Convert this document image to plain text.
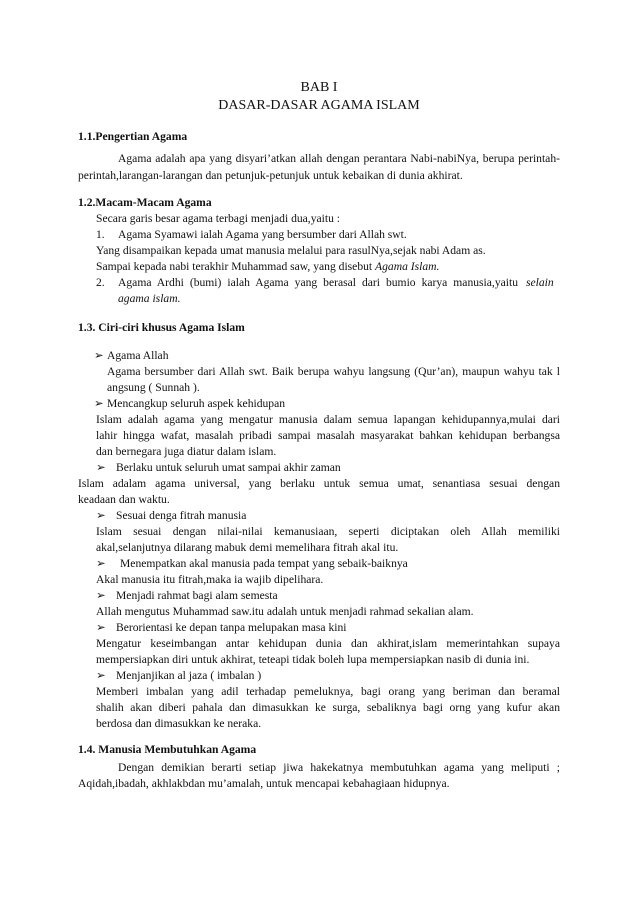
BAB I
DASAR-DASAR AGAMA ISLAM
1.1.Pengertian Agama
Agama adalah apa yang disyari’atkan allah dengan perantara Nabi-nabiNya, berupa perintah-
perintah,larangan-larangan dan petunjuk-petunjuk untuk kebaikan di dunia akhirat.
1.2.Macam-Macam Agama
Secara garis besar agama terbagi menjadi dua,yaitu :
1. Agama Syamawi ialah Agama yang bersumber dari Allah swt.
Yang disampaikan kepada umat manusia melalui para rasulNya,sejak nabi Adam as.
Sampai kepada nabi terakhir Muhammad saw, yang disebut Agama Islam.
2. Agama Ardhi (bumi) ialah Agama yang berasal dari bumio karya manusia,yaitu selain
agama islam.
1.3. Ciri-ciri khusus Agama Islam
➢ Agama Allah
Agama bersumber dari Allah swt. Baik berupa wahyu langsung (Qur’an), maupun wahyu tak l
angsung ( Sunnah ).
➢ Mencangkup seluruh aspek kehidupan
Islam adalah agama yang mengatur manusia dalam semua lapangan kehidupannya,mulai dari
lahir hingga wafat, masalah pribadi sampai masalah masyarakat bahkan kehidupan berbangsa
dan bernegara juga diatur dalam islam.
➢ Berlaku untuk seluruh umat sampai akhir zaman
Islam adalam agama universal, yang berlaku untuk semua umat, senantiasa sesuai dengan
keadaan dan waktu.
➢ Sesuai denga fitrah manusia
Islam sesuai dengan nilai-nilai kemanusiaan, seperti diciptakan oleh Allah memiliki
akal,selanjutnya dilarang mabuk demi memelihara fitrah akal itu.
➢ Menempatkan akal manusia pada tempat yang sebaik-baiknya
Akal manusia itu fitrah,maka ia wajib dipelihara.
➢ Menjadi rahmat bagi alam semesta
Allah mengutus Muhammad saw.itu adalah untuk menjadi rahmad sekalian alam.
➢ Berorientasi ke depan tanpa melupakan masa kini
Mengatur keseimbangan antar kehidupan dunia dan akhirat,islam memerintahkan supaya
mempersiapkan diri untuk akhirat, teteapi tidak boleh lupa mempersiapkan nasib di dunia ini.
➢ Menjanjikan al jaza ( imbalan )
Memberi imbalan yang adil terhadap pemeluknya, bagi orang yang beriman dan beramal
shalih akan diberi pahala dan dimasukkan ke surga, sebaliknya bagi orng yang kufur akan
berdosa dan dimasukkan ke neraka.
1.4. Manusia Membutuhkan Agama
Dengan demikian berarti setiap jiwa hakekatnya membutuhkan agama yang meliputi ;
Aqidah,ibadah, akhlakbdan mu’amalah, untuk mencapai kebahagiaan hidupnya.
